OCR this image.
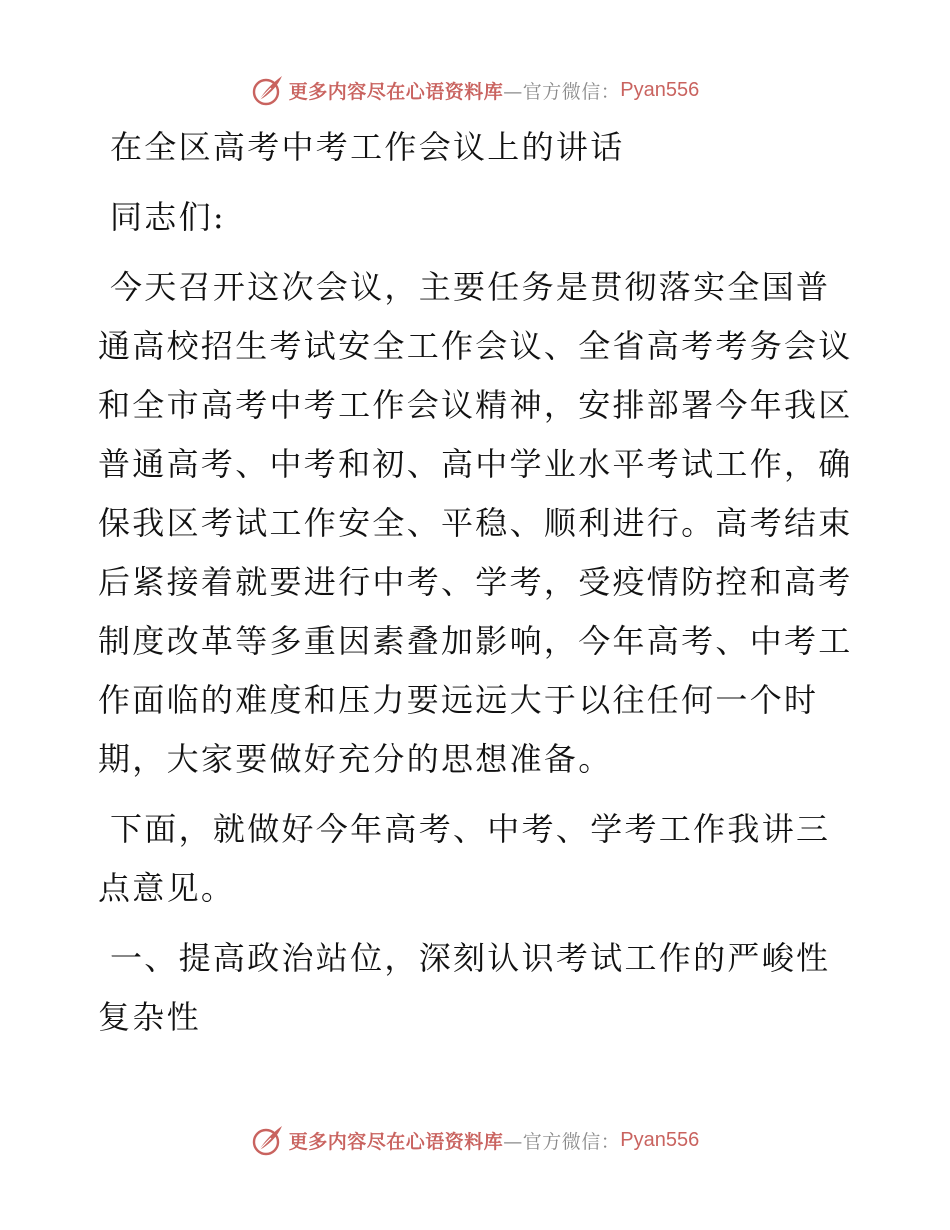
更多内容尽在心语资料库 —官方微信： Pyan556

在全区高考中考工作会议上的讲话

同志们:

今天召开这次会议，主要任务是贯彻落实全国普通高校招生考试安全工作会议、全省高考考务会议和全市高考中考工作会议精神，安排部署今年我区普通高考、中考和初、高中学业水平考试工作，确保我区考试工作安全、平稳、顺利进行。高考结束后紧接着就要进行中考、学考，受疫情防控和高考制度改革等多重因素叠加影响，今年高考、中考工作面临的难度和压力要远远大于以往任何一个时期，大家要做好充分的思想准备。

下面，就做好今年高考、中考、学考工作我讲三点意见。

一、提高政治站位，深刻认识考试工作的严峻性复杂性

更多内容尽在心语资料库 —官方微信： Pyan556
